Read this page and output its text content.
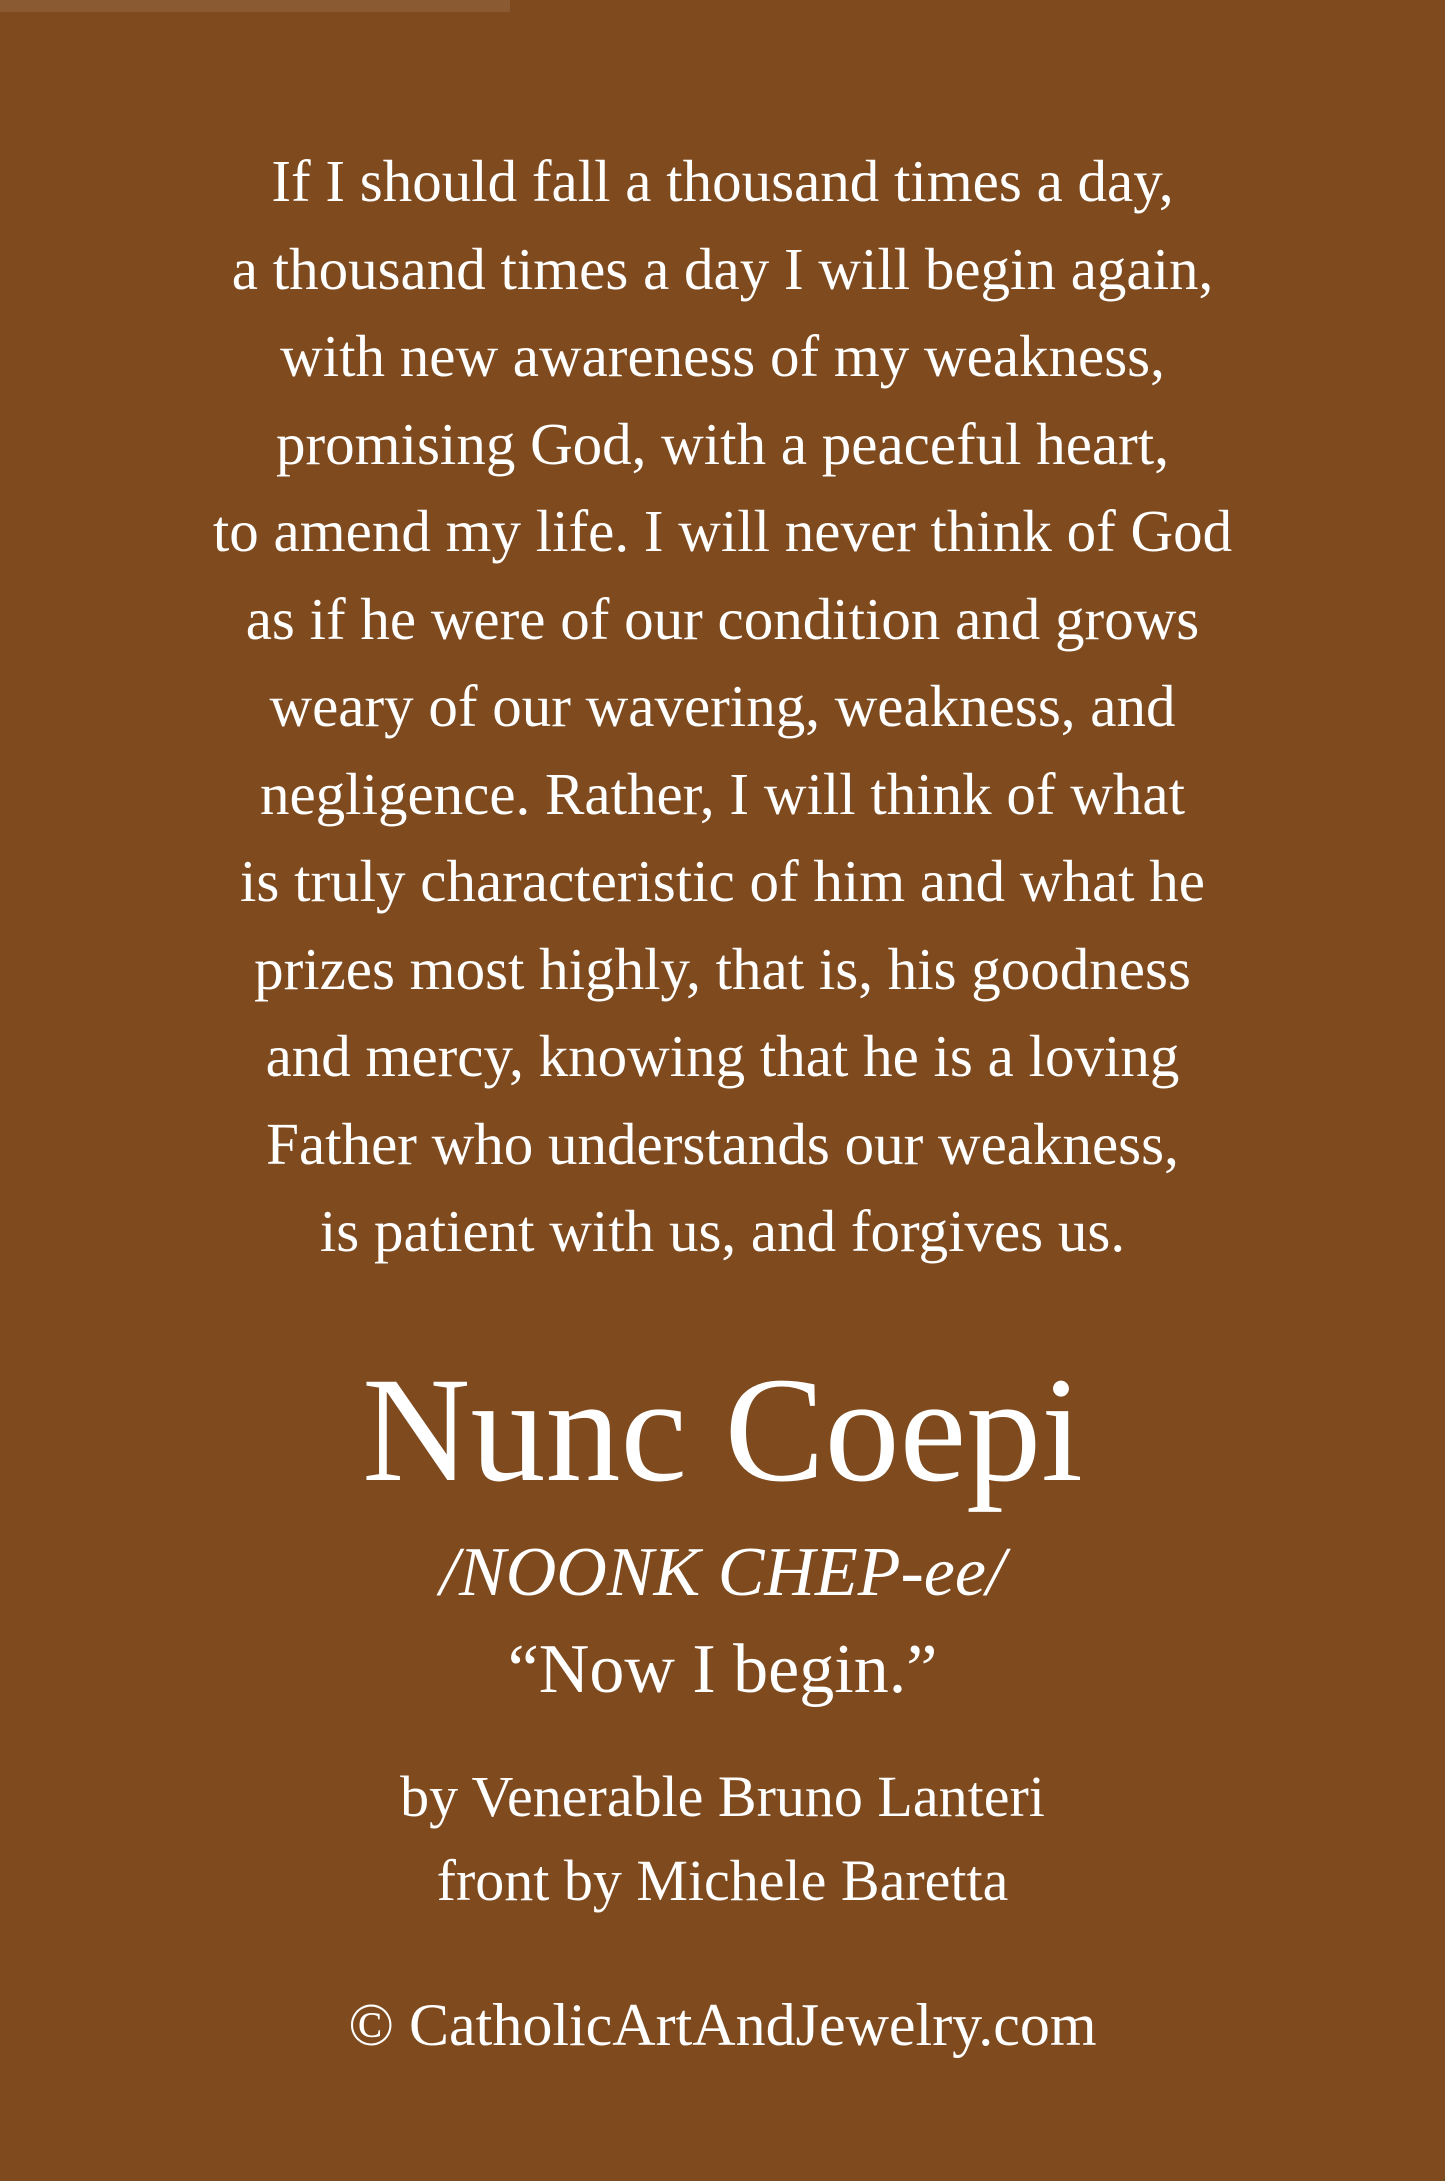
If I should fall a thousand times a day,
a thousand times a day I will begin again,
with new awareness of my weakness,
promising God, with a peaceful heart,
to amend my life. I will never think of God
as if he were of our condition and grows
weary of our wavering, weakness, and
negligence. Rather, I will think of what
is truly characteristic of him and what he
prizes most highly, that is, his goodness
and mercy, knowing that he is a loving
Father who understands our weakness,
is patient with us, and forgives us.
Nunc Coepi
/NOONK CHEP-ee/
“Now I begin.”
by Venerable Bruno Lanteri
front by Michele Baretta
© CatholicArtAndJewelry.com
